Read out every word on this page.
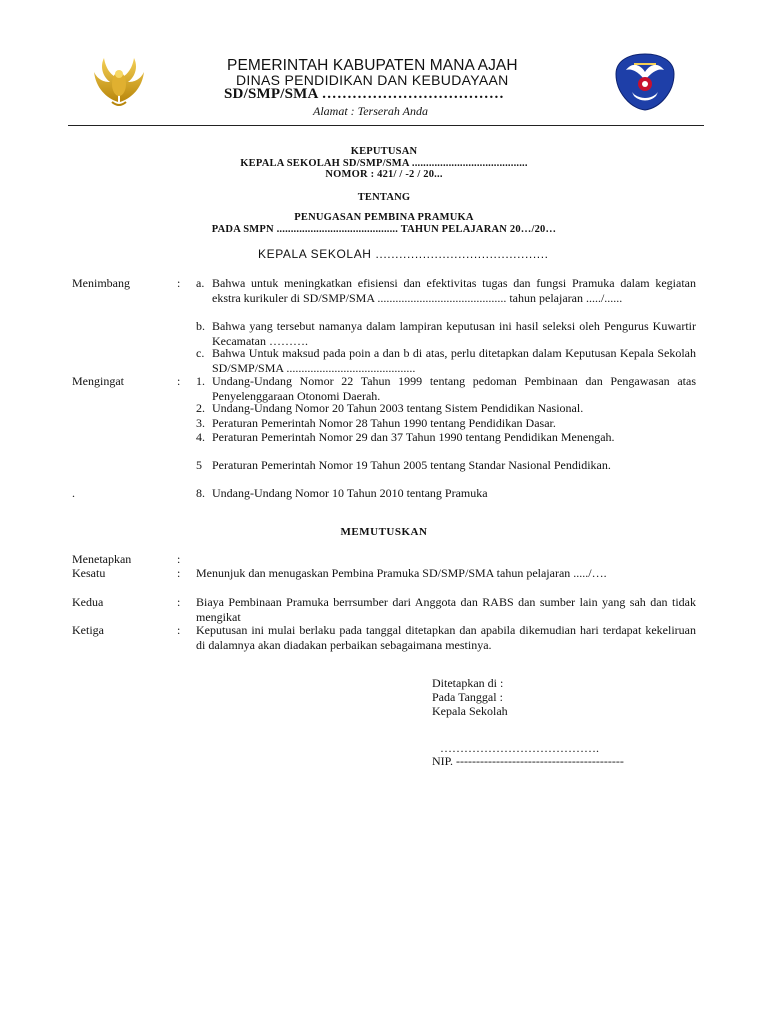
PEMERINTAH KABUPATEN MANA AJAH
DINAS PENDIDIKAN DAN KEBUDAYAAN
SD/SMP/SMA ………………………………
Alamat : Terserah Anda
KEPUTUSAN
KEPALA SEKOLAH SD/SMP/SMA .........................................
NOMOR : 421/ / -2 / 20...
TENTANG
PENUGASAN PEMBINA PRAMUKA
PADA SMPN ........................................... TAHUN PELAJARAN 20…/20…
KEPALA SEKOLAH ............................................
Menimbang	: a. Bahwa untuk meningkatkan efisiensi dan efektivitas tugas dan fungsi Pramuka dalam kegiatan ekstra kurikuler di SD/SMP/SMA ........................................... tahun pelajaran ...../......
b. Bahwa yang tersebut namanya dalam lampiran keputusan ini hasil seleksi oleh Pengurus Kuwartir Kecamatan ……….
c. Bahwa Untuk maksud pada poin a dan b di atas, perlu ditetapkan dalam Keputusan Kepala Sekolah SD/SMP/SMA ...........................................
Mengingat	: 1. Undang-Undang Nomor 22 Tahun 1999 tentang pedoman Pembinaan dan Pengawasan atas Penyelenggaraan Otonomi Daerah.
2. Undang-Undang Nomor 20 Tahun 2003 tentang Sistem Pendidikan Nasional.
3. Peraturan Pemerintah Nomor 28 Tahun 1990 tentang Pendidikan Dasar.
4. Peraturan Pemerintah Nomor 29 dan 37 Tahun 1990 tentang Pendidikan Menengah.
5 Peraturan Pemerintah Nomor 19 Tahun 2005 tentang Standar Nasional Pendidikan.
.	8. Undang-Undang Nomor 10 Tahun 2010 tentang Pramuka
MEMUTUSKAN
Menetapkan	:
Kesatu	: Menunjuk dan menugaskan Pembina Pramuka SD/SMP/SMA tahun pelajaran ...../….
Kedua	: Biaya Pembinaan Pramuka berrsumber dari Anggota dan RABS dan sumber lain yang sah dan tidak mengikat
Ketiga	: Keputusan ini mulai berlaku pada tanggal ditetapkan dan apabila dikemudian hari terdapat kekeliruan di dalamnya akan diadakan perbaikan sebagaimana mestinya.
Ditetapkan di :
Pada Tanggal :
Kepala Sekolah
………………………………….
NIP. ------------------------------------------
